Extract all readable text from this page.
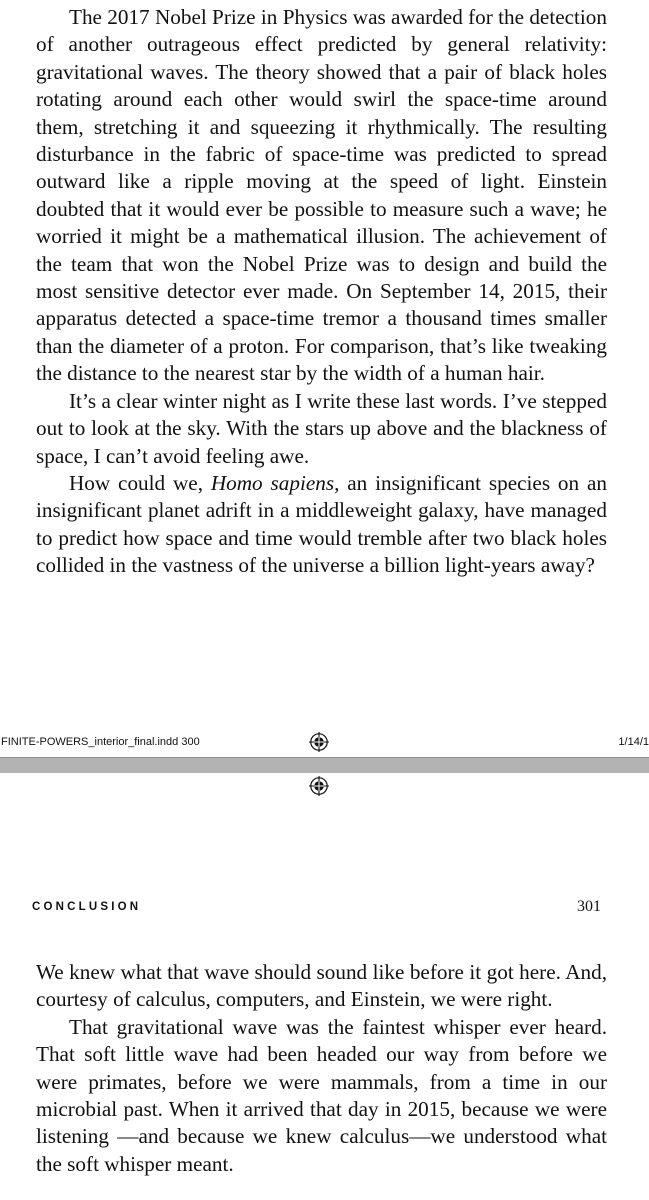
The 2017 Nobel Prize in Physics was awarded for the detection of another outrageous effect predicted by general relativity: gravitational waves. The theory showed that a pair of black holes rotating around each other would swirl the space-time around them, stretching it and squeezing it rhythmically. The resulting disturbance in the fabric of space-time was predicted to spread outward like a ripple moving at the speed of light. Einstein doubted that it would ever be possible to measure such a wave; he worried it might be a mathematical illusion. The achievement of the team that won the Nobel Prize was to design and build the most sensitive detector ever made. On September 14, 2015, their apparatus detected a space-time tremor a thousand times smaller than the diameter of a proton. For comparison, that’s like tweaking the distance to the nearest star by the width of a human hair.

It’s a clear winter night as I write these last words. I’ve stepped out to look at the sky. With the stars up above and the blackness of space, I can’t avoid feeling awe.

How could we, Homo sapiens, an insignificant species on an insignificant planet adrift in a middleweight galaxy, have managed to predict how space and time would tremble after two black holes collided in the vastness of the universe a billion light-years away?

FINITE-POWERS_interior_final.indd 300	1/14/1
CONCLUSION	301

We knew what that wave should sound like before it got here. And, courtesy of calculus, computers, and Einstein, we were right.

That gravitational wave was the faintest whisper ever heard. That soft little wave had been headed our way from before we were primates, before we were mammals, from a time in our microbial past. When it arrived that day in 2015, because we were listening —and because we knew calculus—we understood what the soft whisper meant.
